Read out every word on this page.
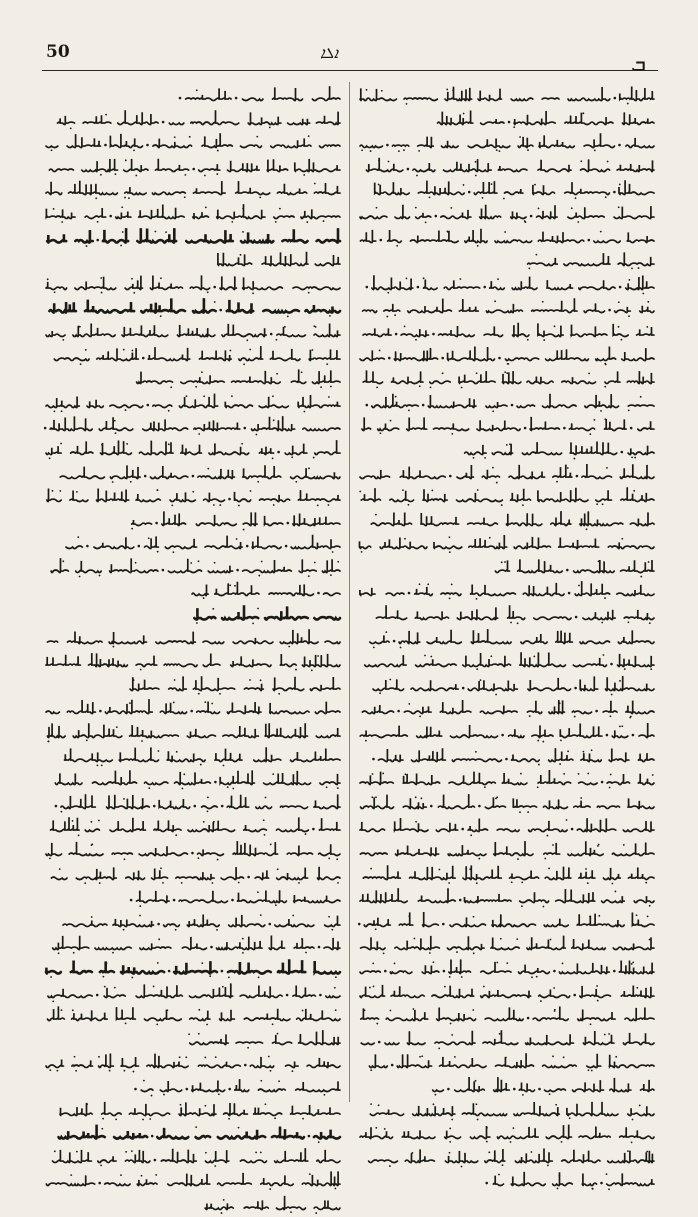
50	ܐܠܐ	ܒ
